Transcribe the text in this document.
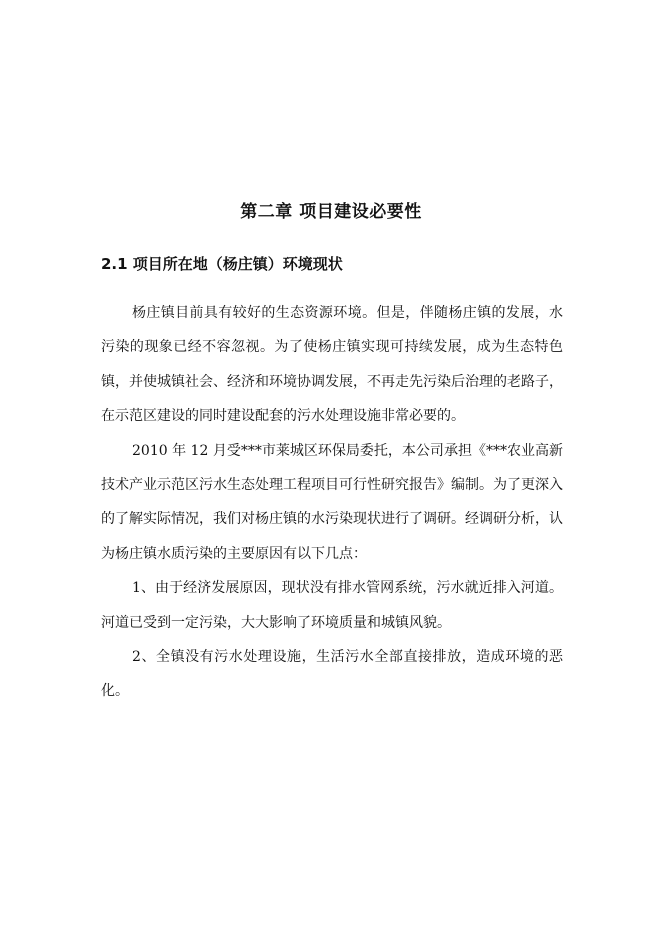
第二章 项目建设必要性
2.1 项目所在地（杨庄镇）环境现状

杨庄镇目前具有较好的生态资源环境。但是，伴随杨庄镇的发展，水污染的现象已经不容忽视。为了使杨庄镇实现可持续发展，成为生态特色镇，并使城镇社会、经济和环境协调发展，不再走先污染后治理的老路子，在示范区建设的同时建设配套的污水处理设施非常必要的。

2010 年 12 月受***市莱城区环保局委托，本公司承担《***农业高新技术产业示范区污水生态处理工程项目可行性研究报告》编制。为了更深入的了解实际情况，我们对杨庄镇的水污染现状进行了调研。经调研分析，认为杨庄镇水质污染的主要原因有以下几点：

1、由于经济发展原因，现状没有排水管网系统，污水就近排入河道。河道已受到一定污染，大大影响了环境质量和城镇风貌。

2、全镇没有污水处理设施，生活污水全部直接排放，造成环境的恶化。
